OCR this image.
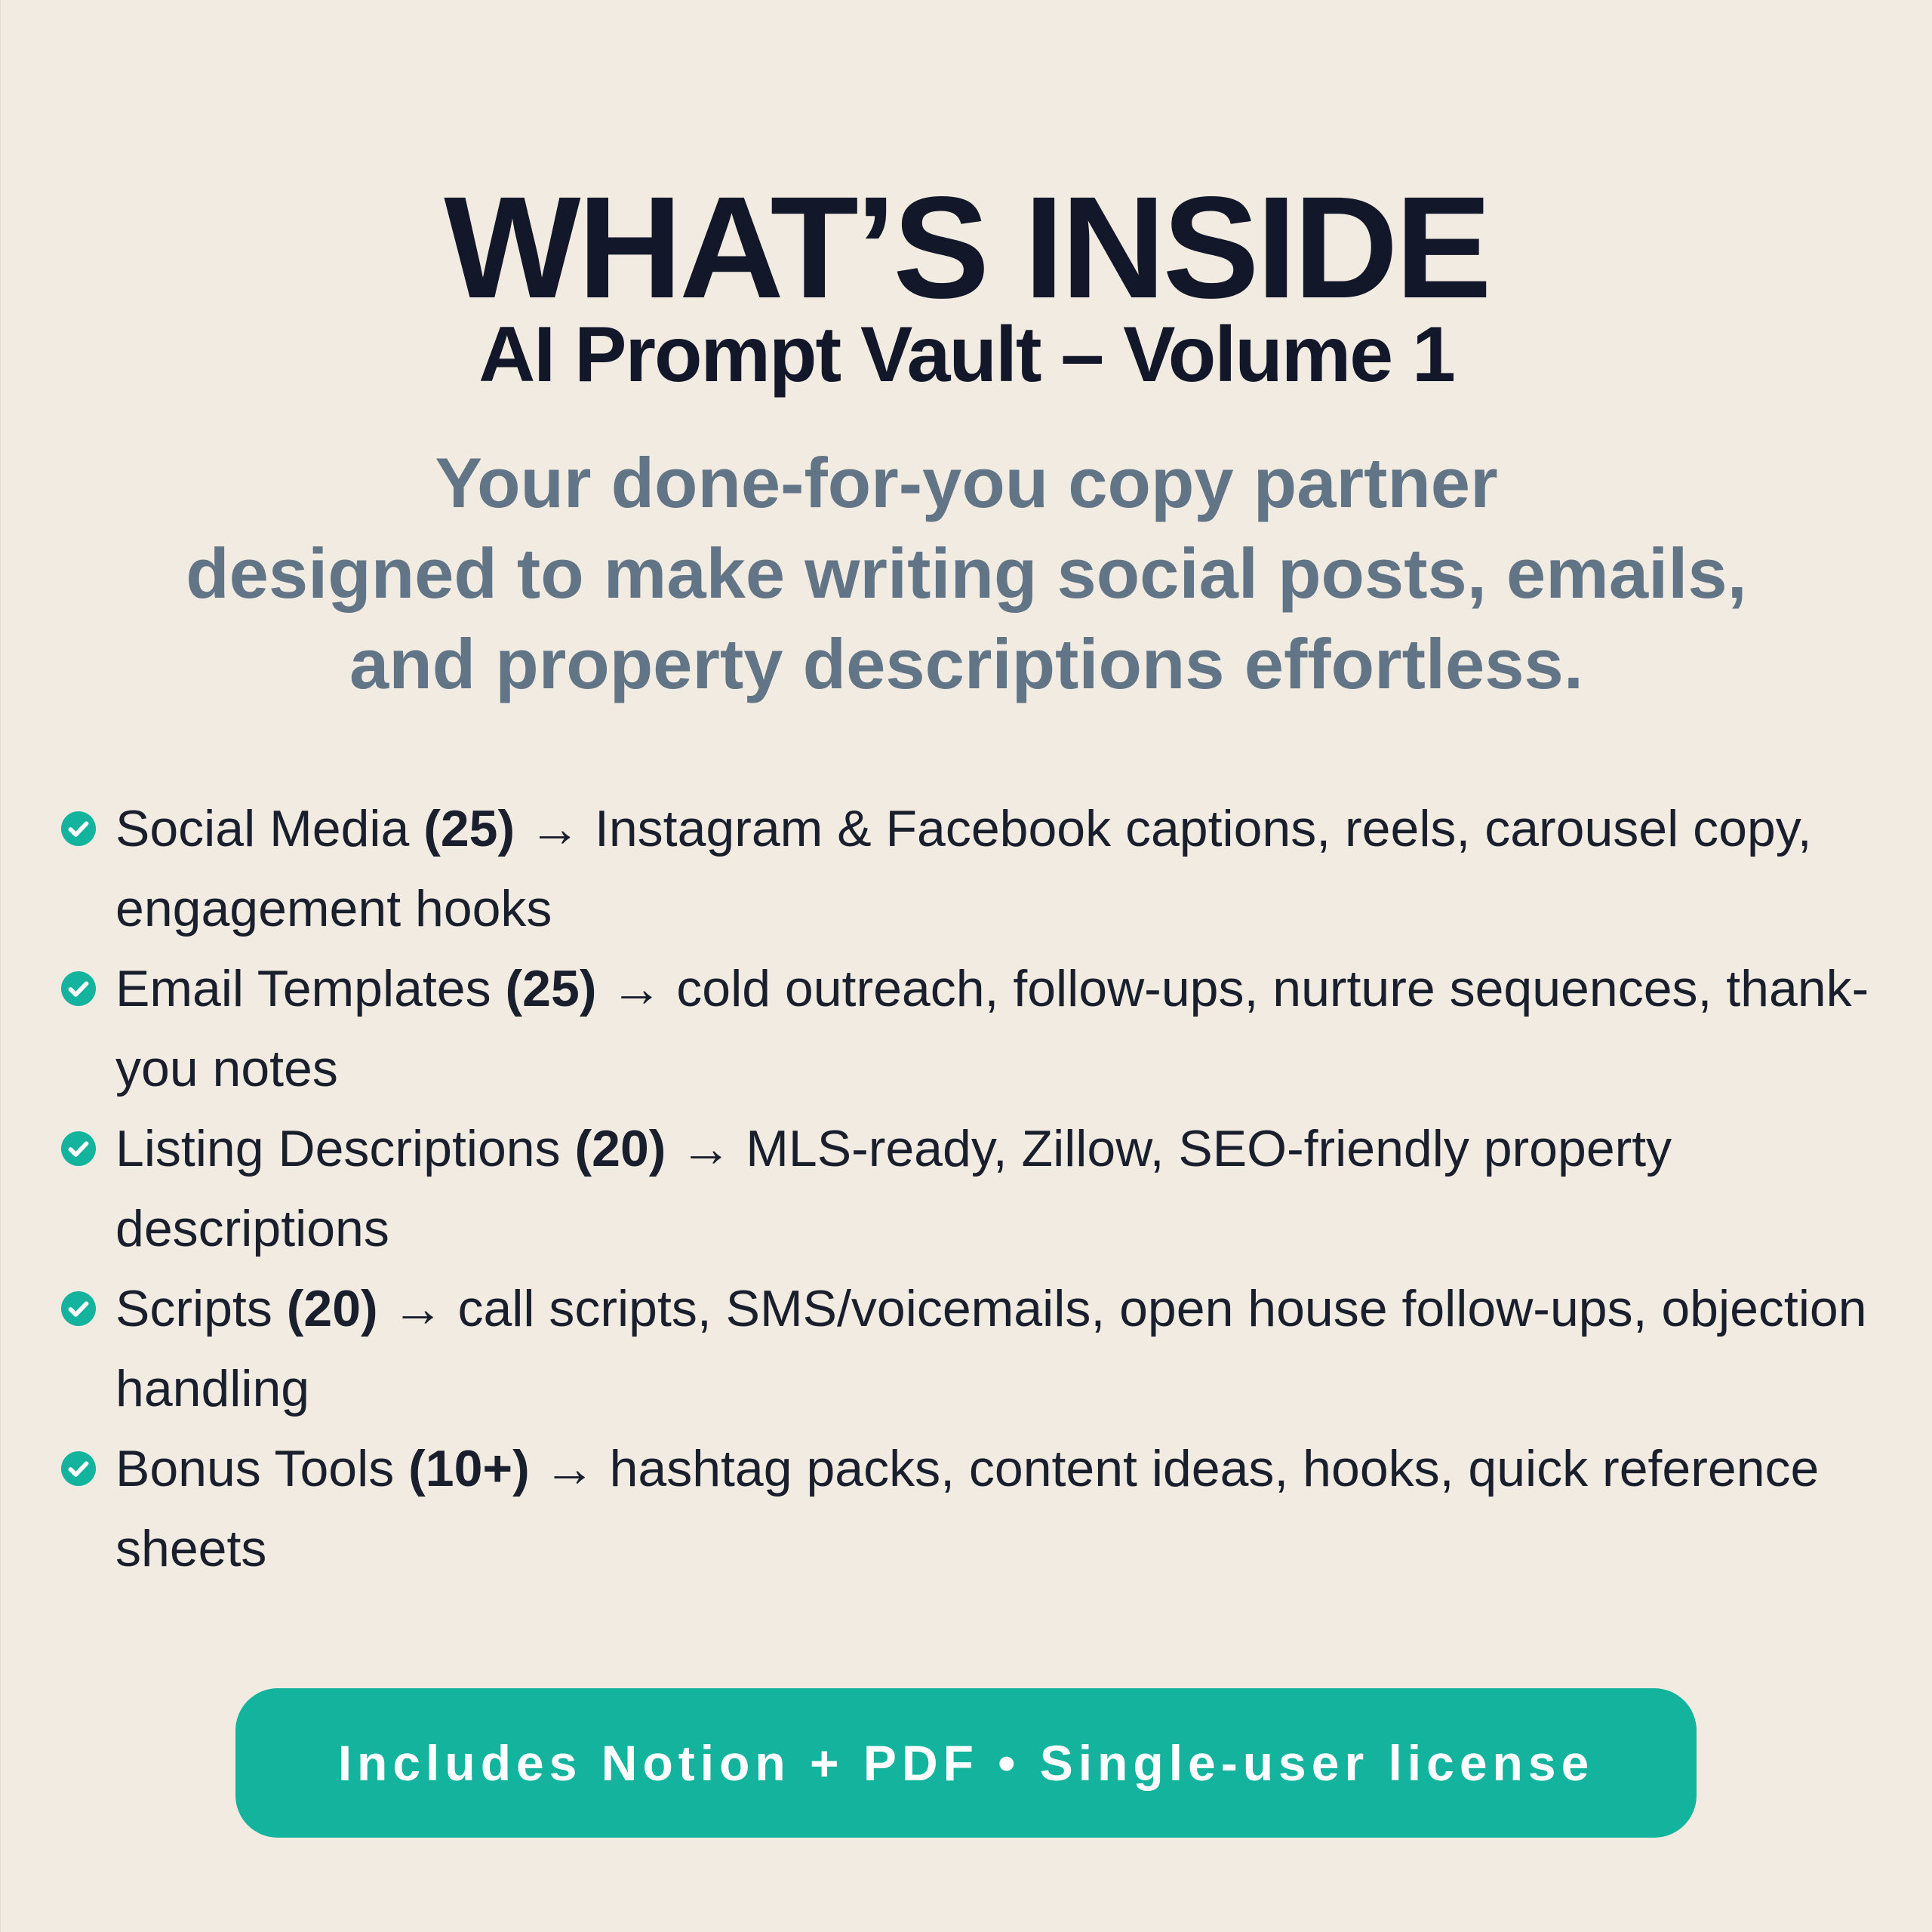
WHAT’S INSIDE
AI Prompt Vault – Volume 1
Your done-for-you copy partner
designed to make writing social posts, emails,
and property descriptions effortless.
Social Media (25) → Instagram & Facebook captions, reels, carousel copy, engagement hooks
Email Templates (25) → cold outreach, follow-ups, nurture sequences, thank-you notes
Listing Descriptions (20) → MLS-ready, Zillow, SEO-friendly property descriptions
Scripts (20) → call scripts, SMS/voicemails, open house follow-ups, objection handling
Bonus Tools (10+) → hashtag packs, content ideas, hooks, quick reference sheets
Includes Notion + PDF • Single-user license
